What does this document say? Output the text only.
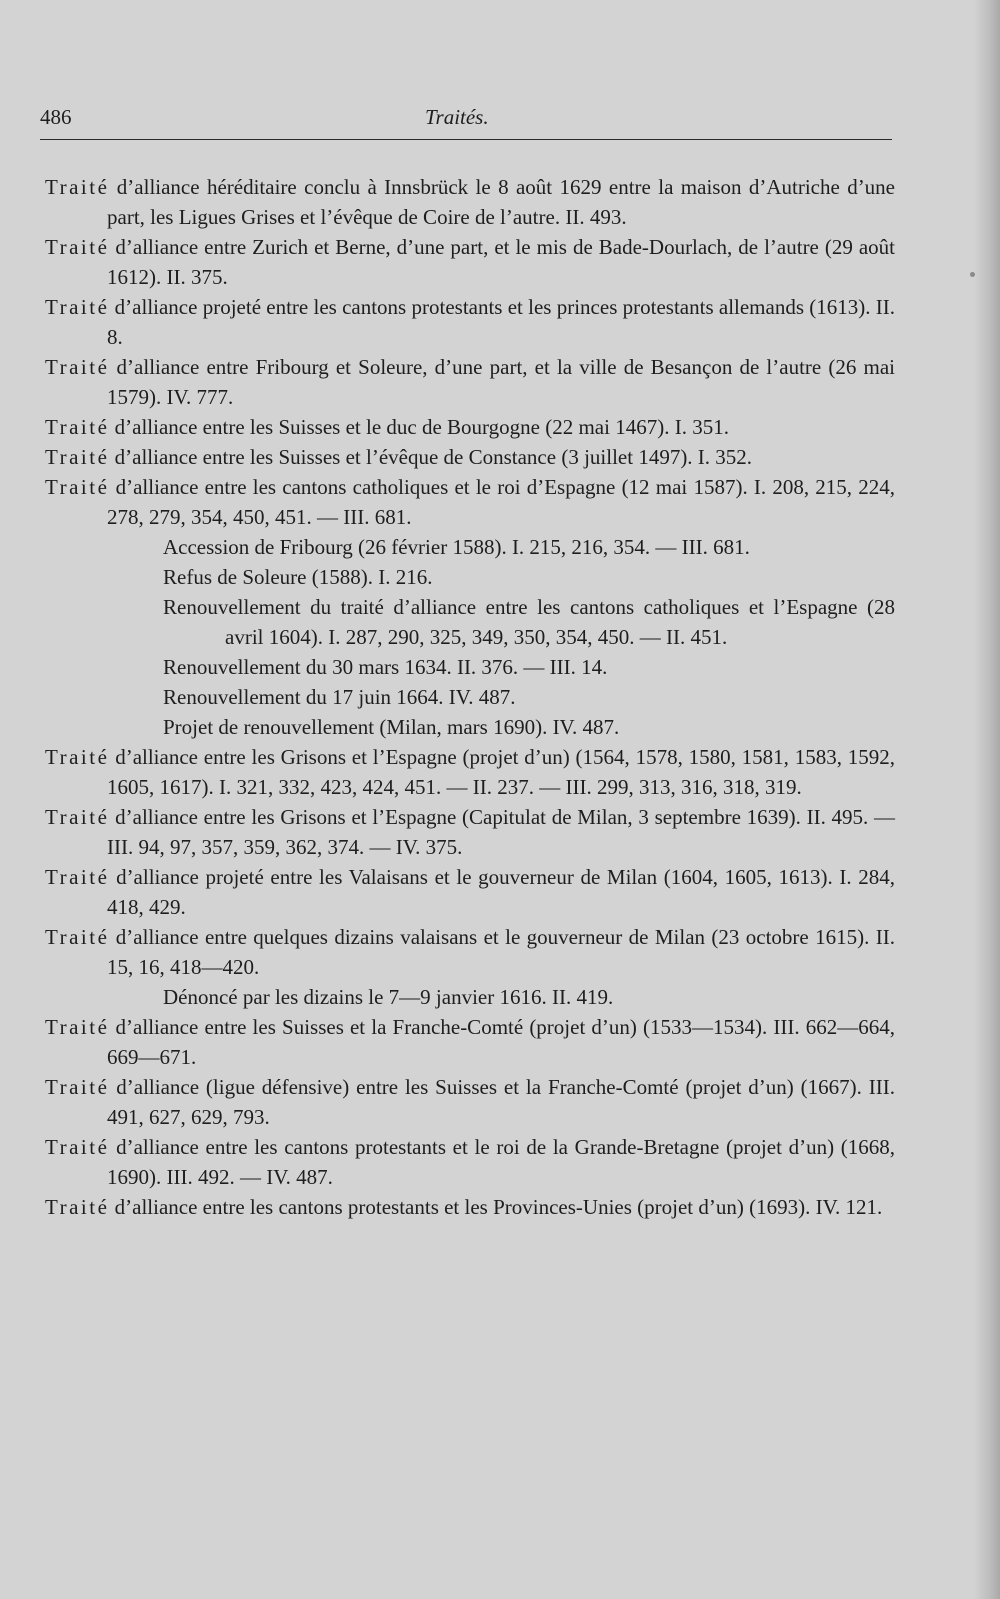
486	Traités.
Traité d’alliance héréditaire conclu à Innsbrück le 8 août 1629 entre la maison d’Autriche d’une part, les Ligues Grises et l’évêque de Coire de l’autre. II. 493.
Traité d’alliance entre Zurich et Berne, d’une part, et le mis de Bade-Dourlach, de l’autre (29 août 1612). II. 375.
Traité d’alliance projeté entre les cantons protestants et les princes protestants allemands (1613). II. 8.
Traité d’alliance entre Fribourg et Soleure, d’une part, et la ville de Besançon de l’autre (26 mai 1579). IV. 777.
Traité d’alliance entre les Suisses et le duc de Bourgogne (22 mai 1467). I. 351.
Traité d’alliance entre les Suisses et l’évêque de Constance (3 juillet 1497). I. 352.
Traité d’alliance entre les cantons catholiques et le roi d’Espagne (12 mai 1587). I. 208, 215, 224, 278, 279, 354, 450, 451. — III. 681.
Accession de Fribourg (26 février 1588). I. 215, 216, 354. — III. 681.
Refus de Soleure (1588). I. 216.
Renouvellement du traité d’alliance entre les cantons catholiques et l’Espagne (28 avril 1604). I. 287, 290, 325, 349, 350, 354, 450. — II. 451.
Renouvellement du 30 mars 1634. II. 376. — III. 14.
Renouvellement du 17 juin 1664. IV. 487.
Projet de renouvellement (Milan, mars 1690). IV. 487.
Traité d’alliance entre les Grisons et l’Espagne (projet d’un) (1564, 1578, 1580, 1581, 1583, 1592, 1605, 1617). I. 321, 332, 423, 424, 451. — II. 237. — III. 299, 313, 316, 318, 319.
Traité d’alliance entre les Grisons et l’Espagne (Capitulat de Milan, 3 septembre 1639). II. 495. — III. 94, 97, 357, 359, 362, 374. — IV. 375.
Traité d’alliance projeté entre les Valaisans et le gouverneur de Milan (1604, 1605, 1613). I. 284, 418, 429.
Traité d’alliance entre quelques dizains valaisans et le gouverneur de Milan (23 octobre 1615). II. 15, 16, 418—420.
Dénoncé par les dizains le 7—9 janvier 1616. II. 419.
Traité d’alliance entre les Suisses et la Franche-Comté (projet d’un) (1533—1534). III. 662—664, 669—671.
Traité d’alliance (ligue défensive) entre les Suisses et la Franche-Comté (projet d’un) (1667). III. 491, 627, 629, 793.
Traité d’alliance entre les cantons protestants et le roi de la Grande-Bretagne (projet d’un) (1668, 1690). III. 492. — IV. 487.
Traité d’alliance entre les cantons protestants et les Provinces-Unies (projet d’un) (1693). IV. 121.
